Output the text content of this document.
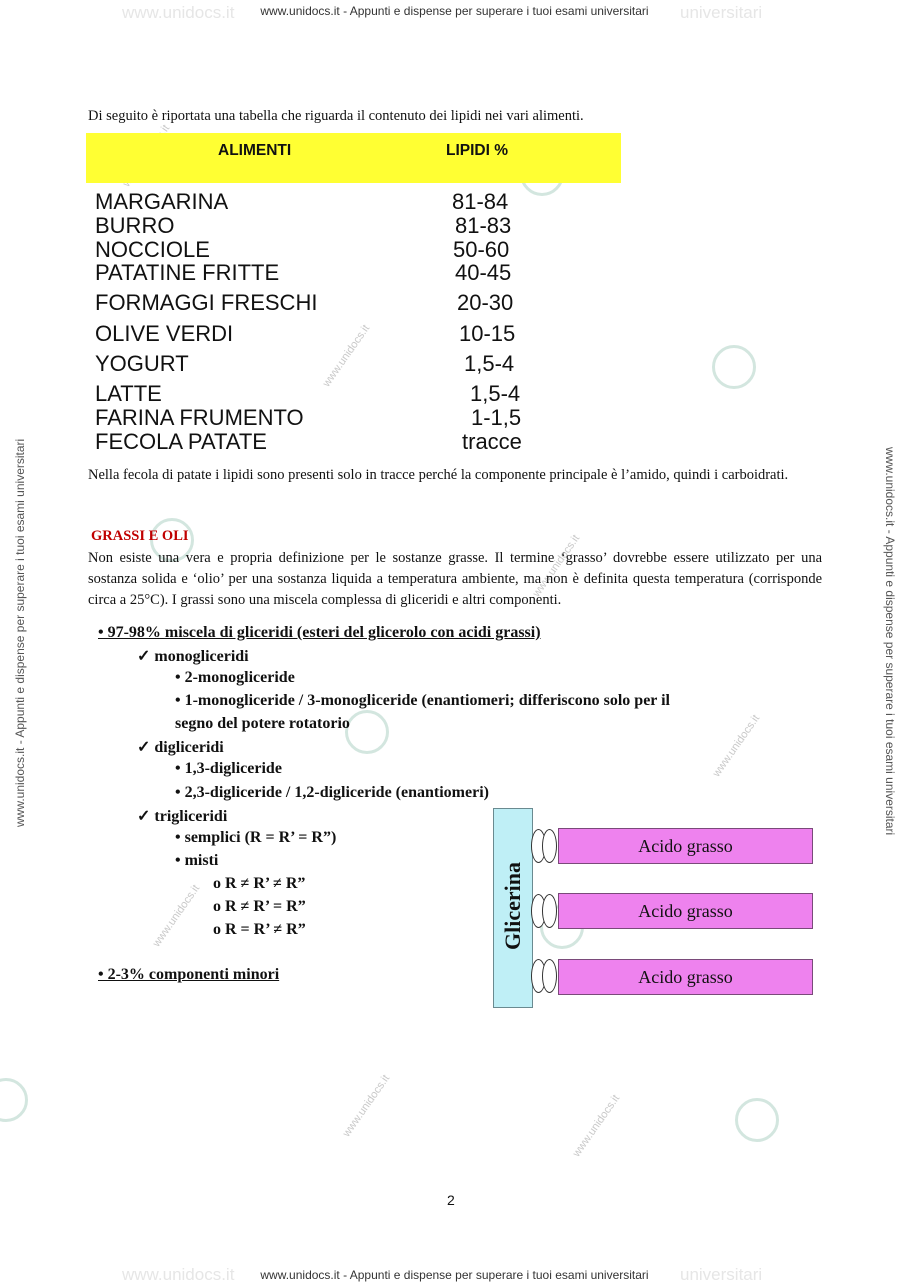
www.unidocs.it	universitari
www.unidocs.it - Appunti e dispense per superare i tuoi esami universitari
www.unidocs.it	universitari
www.unidocs.it - Appunti e dispense per superare i tuoi esami universitari
www.unidocs.it - Appunti e dispense per superare i tuoi esami universitari	www.unidocs.it - Appunti e dispense per superare i tuoi esami universitari
www.unidocs.it
www.unidocs.it
www.unidocs.it
www.unidocs.it
www.unidocs.it	www.unidocs.it
Di seguito è riportata una tabella che riguarda il contenuto dei lipidi nei vari alimenti.
ALIMENTI	LIPIDI %
MARGARINA	81-84
BURRO	81-83
NOCCIOLE	50-60
PATATINE FRITTE	40-45
FORMAGGI FRESCHI	20-30
OLIVE VERDI	10-15
YOGURT	1,5-4
LATTE	1,5-4
FARINA FRUMENTO	1-1,5
FECOLA PATATE	tracce
Nella fecola di patate i lipidi sono presenti solo in tracce perché la componente principale è l’amido, quindi i carboidrati.
GRASSI E OLI
Non esiste una vera e propria definizione per le sostanze grasse. Il termine ‘grasso’ dovrebbe essere utilizzato per una sostanza solida e ‘olio’ per una sostanza liquida a temperatura ambiente, ma non è definita questa temperatura (corrisponde circa a 25°C). I grassi sono una miscela complessa di gliceridi e altri componenti.
• 97-98% miscela di gliceridi (esteri del glicerolo con acidi grassi)
✓ monogliceridi
• 2-monogliceride
• 1-monogliceride / 3-monogliceride (enantiomeri; differiscono solo per il
segno del potere rotatorio
✓ digliceridi
• 1,3-digliceride
• 2,3-digliceride / 1,2-digliceride (enantiomeri)
✓ trigliceridi
• semplici (R = R’ = R”)
• misti
o R ≠ R’ ≠ R”
o R ≠ R’ = R”
o R = R’ ≠ R”
• 2-3% componenti minori
Glicerina
Acido grasso
Acido grasso
Acido grasso
2
